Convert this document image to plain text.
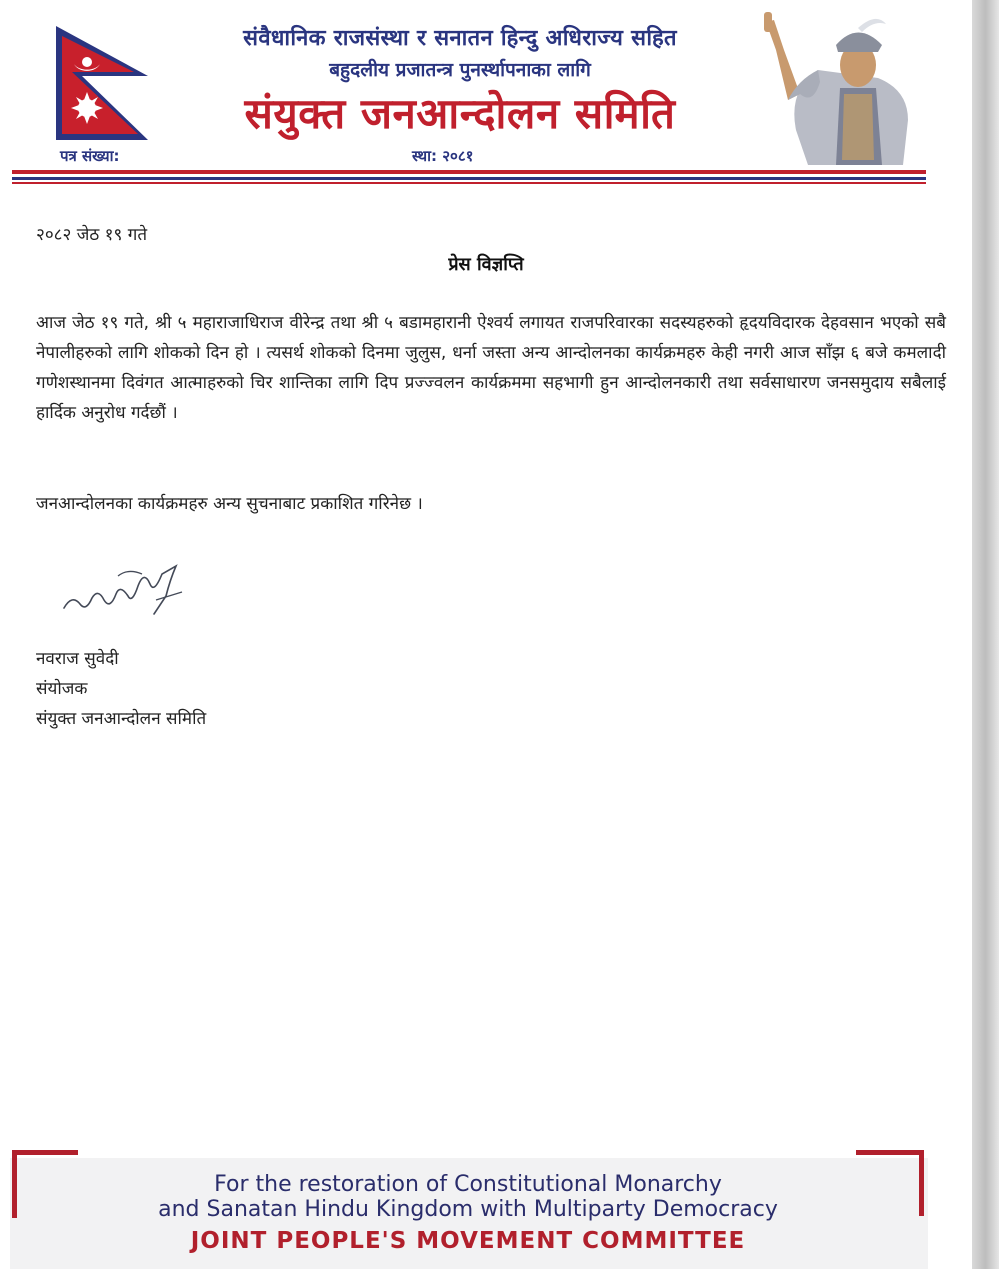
संवैधानिक राजसंस्था र सनातन हिन्दु अधिराज्य सहित
बहुदलीय प्रजातन्त्र पुनर्स्थापनाका लागि
संयुक्त जनआन्दोलन समिति
पत्र संख्या:	स्था: २०८१
२०८२ जेठ १९ गते
प्रेस विज्ञप्ति

आज जेठ १९ गते, श्री ५ महाराजाधिराज वीरेन्द्र तथा श्री ५ बडामहारानी ऐश्वर्य लगायत राजपरिवारका सदस्यहरुको हृदयविदारक देहवसान भएको सबै नेपालीहरुको लागि शोकको दिन हो । त्यसर्थ शोकको दिनमा जुलुस, धर्ना जस्ता अन्य आन्दोलनका कार्यक्रमहरु केही नगरी आज साँझ ६ बजे कमलादी गणेशस्थानमा दिवंगत आत्माहरुको चिर शान्तिका लागि दिप प्रज्ज्वलन कार्यक्रममा सहभागी हुन आन्दोलनकारी तथा सर्वसाधारण जनसमुदाय सबैलाई हार्दिक अनुरोध गर्दछौं ।

जनआन्दोलनका कार्यक्रमहरु अन्य सुचनाबाट प्रकाशित गरिनेछ ।

नवराज सुवेदी
संयोजक
संयुक्त जनआन्दोलन समिति
For the restoration of Constitutional Monarchy
and Sanatan Hindu Kingdom with Multiparty Democracy
JOINT PEOPLE'S MOVEMENT COMMITTEE
